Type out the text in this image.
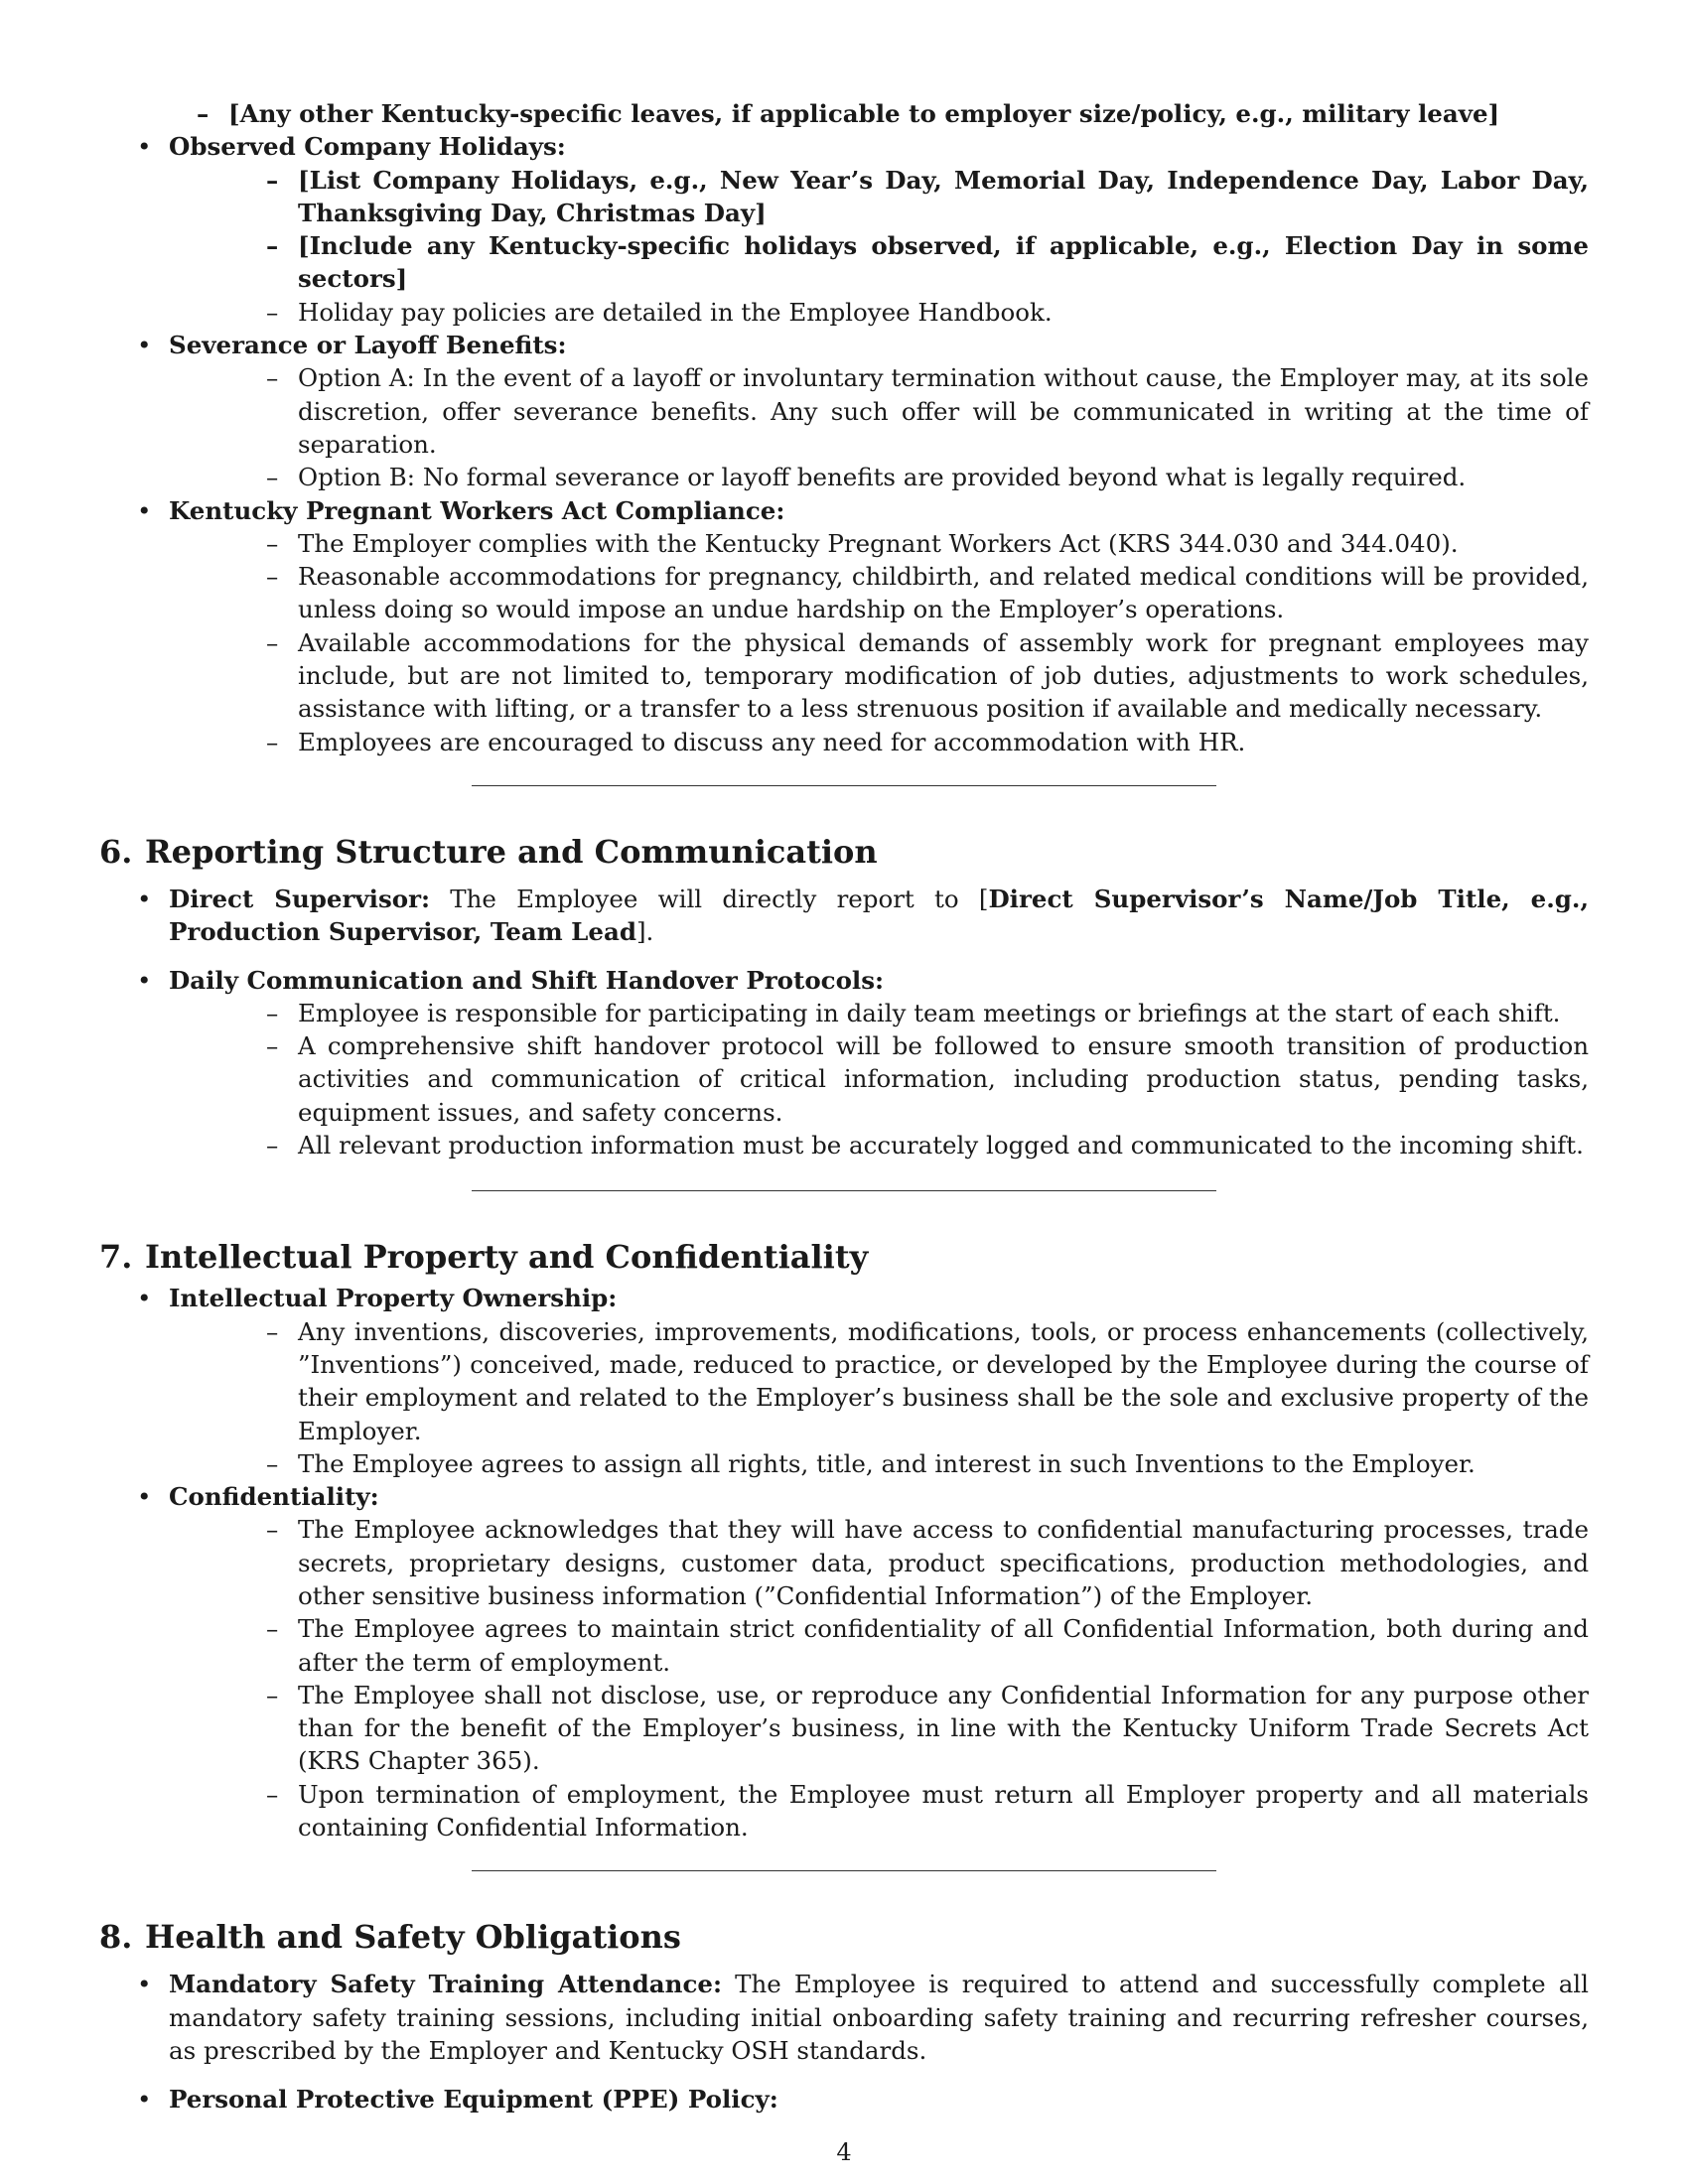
– [Any other Kentucky-specific leaves, if applicable to employer size/policy, e.g., military leave]
• Observed Company Holidays:
– [List Company Holidays, e.g., New Year’s Day, Memorial Day, Independence Day, Labor Day, Thanksgiving Day, Christmas Day]
– [Include any Kentucky-specific holidays observed, if applicable, e.g., Election Day in some sectors]
– Holiday pay policies are detailed in the Employee Handbook.
• Severance or Layoff Benefits:
– Option A: In the event of a layoff or involuntary termination without cause, the Employer may, at its sole discretion, offer severance benefits. Any such offer will be communicated in writing at the time of separation.
– Option B: No formal severance or layoff benefits are provided beyond what is legally required.
• Kentucky Pregnant Workers Act Compliance:
– The Employer complies with the Kentucky Pregnant Workers Act (KRS 344.030 and 344.040).
– Reasonable accommodations for pregnancy, childbirth, and related medical conditions will be provided, unless doing so would impose an undue hardship on the Employer’s operations.
– Available accommodations for the physical demands of assembly work for pregnant employees may include, but are not limited to, temporary modification of job duties, adjustments to work schedules, assistance with lifting, or a transfer to a less strenuous position if available and medically necessary.
– Employees are encouraged to discuss any need for accommodation with HR.
6. Reporting Structure and Communication
• Direct Supervisor: The Employee will directly report to [Direct Supervisor’s Name/Job Title, e.g., Production Supervisor, Team Lead].
• Daily Communication and Shift Handover Protocols:
– Employee is responsible for participating in daily team meetings or briefings at the start of each shift.
– A comprehensive shift handover protocol will be followed to ensure smooth transition of production activities and communication of critical information, including production status, pending tasks, equipment issues, and safety concerns.
– All relevant production information must be accurately logged and communicated to the incoming shift.
7. Intellectual Property and Confidentiality
• Intellectual Property Ownership:
– Any inventions, discoveries, improvements, modifications, tools, or process enhancements (collectively, ”Inventions”) conceived, made, reduced to practice, or developed by the Employee during the course of their employment and related to the Employer’s business shall be the sole and exclusive property of the Employer.
– The Employee agrees to assign all rights, title, and interest in such Inventions to the Employer.
• Confidentiality:
– The Employee acknowledges that they will have access to confidential manufacturing processes, trade secrets, proprietary designs, customer data, product specifications, production methodologies, and other sensitive business information (”Confidential Information”) of the Employer.
– The Employee agrees to maintain strict confidentiality of all Confidential Information, both during and after the term of employment.
– The Employee shall not disclose, use, or reproduce any Confidential Information for any purpose other than for the benefit of the Employer’s business, in line with the Kentucky Uniform Trade Secrets Act (KRS Chapter 365).
– Upon termination of employment, the Employee must return all Employer property and all materials containing Confidential Information.
8. Health and Safety Obligations
• Mandatory Safety Training Attendance: The Employee is required to attend and successfully complete all mandatory safety training sessions, including initial onboarding safety training and recurring refresher courses, as prescribed by the Employer and Kentucky OSH standards.
• Personal Protective Equipment (PPE) Policy:
4
